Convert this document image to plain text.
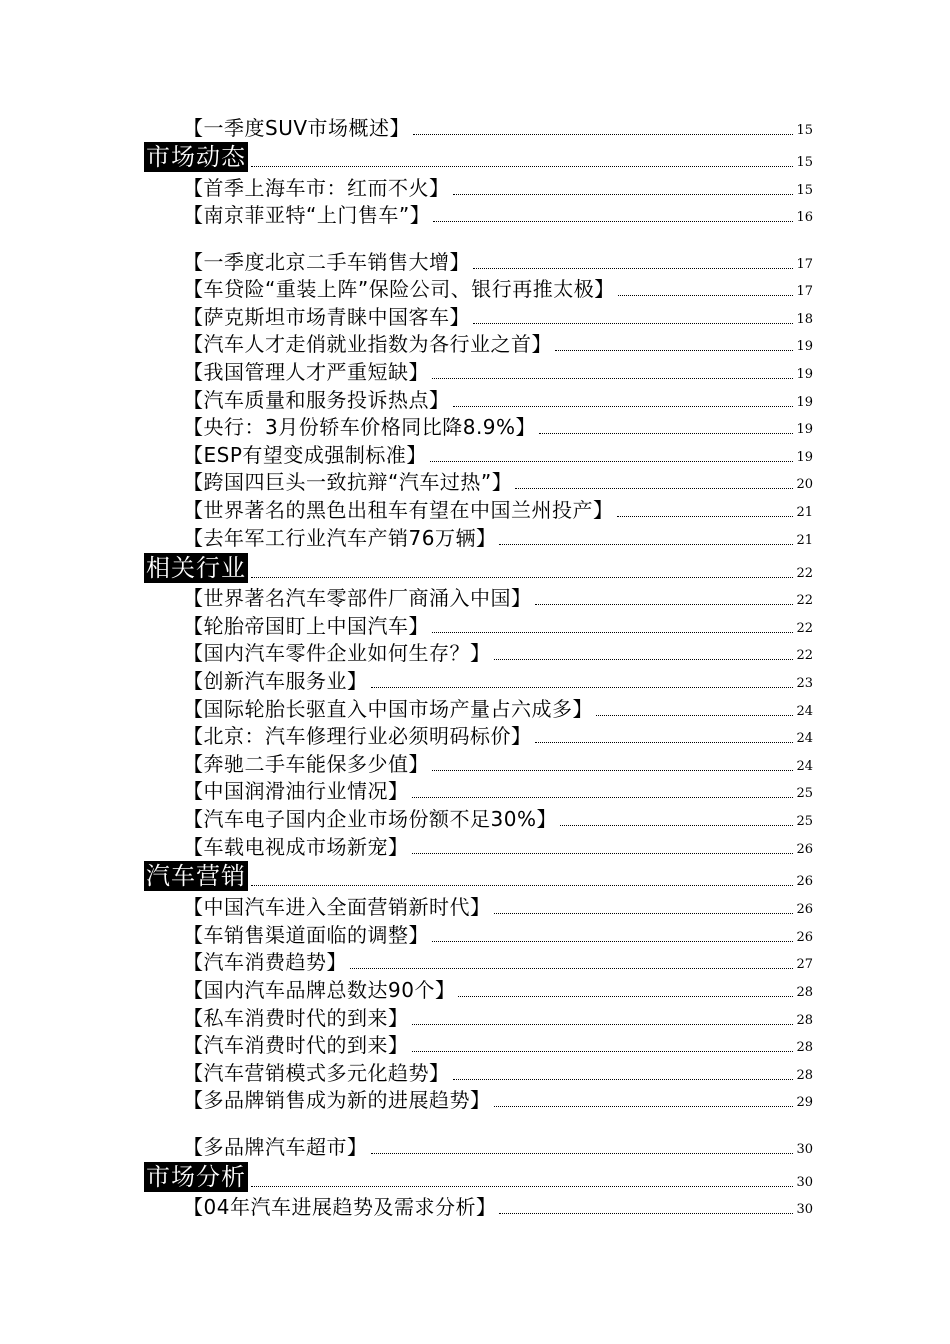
【一季度SUV市场概述】	15
市场动态	15
【首季上海车市：红而不火】	15
【南京菲亚特“上门售车”】	16
【一季度北京二手车销售大增】	17
【车贷险“重装上阵”保险公司、银行再推太极】	17
【萨克斯坦市场青睐中国客车】	18
【汽车人才走俏就业指数为各行业之首】	19
【我国管理人才严重短缺】	19
【汽车质量和服务投诉热点】	19
【央行：3月份轿车价格同比降8.9%】	19
【ESP有望变成强制标准】	19
【跨国四巨头一致抗辩“汽车过热”】	20
【世界著名的黑色出租车有望在中国兰州投产】	21
【去年军工行业汽车产销76万辆】	21
相关行业	22
【世界著名汽车零部件厂商涌入中国】	22
【轮胎帝国盯上中国汽车】	22
【国内汽车零件企业如何生存？】	22
【创新汽车服务业】	23
【国际轮胎长驱直入中国市场产量占六成多】	24
【北京：汽车修理行业必须明码标价】	24
【奔驰二手车能保多少值】	24
【中国润滑油行业情况】	25
【汽车电子国内企业市场份额不足30%】	25
【车载电视成市场新宠】	26
汽车营销	26
【中国汽车进入全面营销新时代】	26
【车销售渠道面临的调整】	26
【汽车消费趋势】	27
【国内汽车品牌总数达90个】	28
【私车消费时代的到来】	28
【汽车消费时代的到来】	28
【汽车营销模式多元化趋势】	28
【多品牌销售成为新的进展趋势】	29
【多品牌汽车超市】	30
市场分析	30
【04年汽车进展趋势及需求分析】	30
